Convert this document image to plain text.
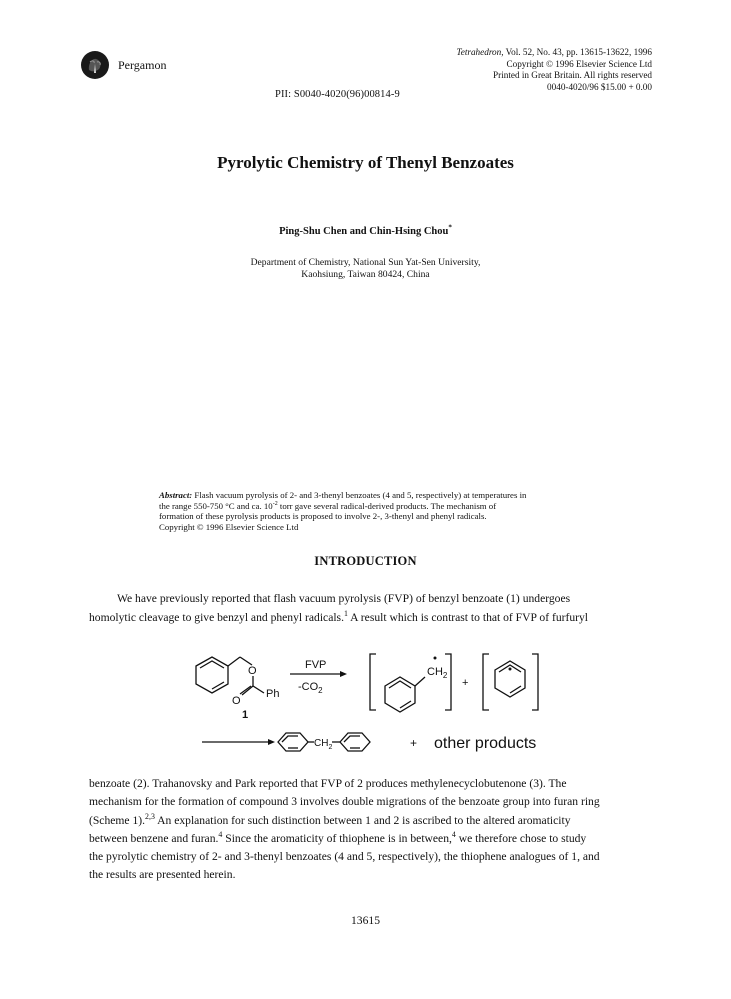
Pergamon
Tetrahedron, Vol. 52, No. 43, pp. 13615-13622, 1996
Copyright © 1996 Elsevier Science Ltd
Printed in Great Britain. All rights reserved
0040-4020/96 $15.00 + 0.00
PII: S0040-4020(96)00814-9
Pyrolytic Chemistry of Thenyl Benzoates
Ping-Shu Chen and Chin-Hsing Chou*
Department of Chemistry, National Sun Yat-Sen University,
Kaohsiung, Taiwan 80424, China
Abstract: Flash vacuum pyrolysis of 2- and 3-thenyl benzoates (4 and 5, respectively) at temperatures in
the range 550-750 °C and ca. $10^{-2}$ torr gave several radical-derived products. The mechanism of
formation of these pyrolysis products is proposed to involve 2-, 3-thenyl and phenyl radicals.
Copyright © 1996 Elsevier Science Ltd
INTRODUCTION
We have previously reported that flash vacuum pyrolysis (FVP) of benzyl benzoate (1) undergoes
homolytic cleavage to give benzyl and phenyl radicals.$^1$ A result which is contrast to that of FVP of furfuryl
O
O
Ph
1
FVP
$-CO_2$
$CH_2$
+
$CH_2$	+ other products
benzoate (2). Trahanovsky and Park reported that FVP of 2 produces methylenecyclobutenone (3). The
mechanism for the formation of compound 3 involves double migrations of the benzoate group into furan ring
(Scheme 1).$^{2,3}$ An explanation for such distinction between 1 and 2 is ascribed to the altered aromaticity
between benzene and furan.$^4$ Since the aromaticity of thiophene is in between,$^4$ we therefore chose to study
the pyrolytic chemistry of 2- and 3-thenyl benzoates (4 and 5, respectively), the thiophene analogues of 1, and
the results are presented herein.
13615
